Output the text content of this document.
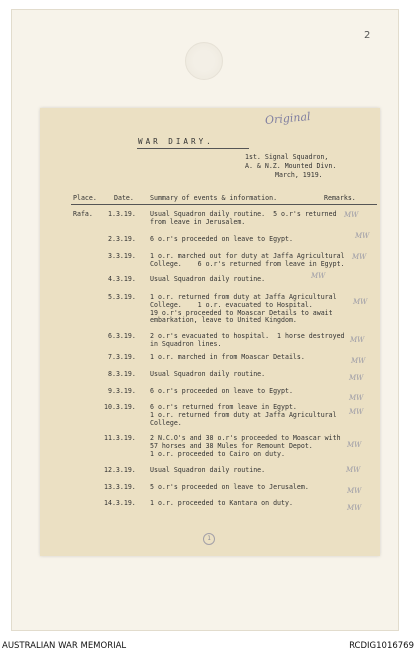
2
Original
WAR DIARY.
1st. Signal Squadron,
A. & N.Z. Mounted Divn.
March, 1919.
Place.	Date. Summary of events & information.	Remarks.
Rafa. 1.3.19. Usual Squadron daily routine.  5 o.r's returned
from leave in Jerusalem.
MW
2.3.19. 6 o.r's proceeded on leave to Egypt.	MW
3.3.19. 1 o.r. marched out for duty at Jaffa Agricultural
College.    6 o.r's returned from leave in Egypt.
MW
4.3.19. Usual Squadron daily routine.	MW
5.3.19. 1 o.r. returned from duty at Jaffa Agricultural
College.    1 o.r. evacuated to Hospital.
19 o.r's proceeded to Moascar Details to await
embarkation, leave to United Kingdom.
MW
6.3.19. 2 o.r's evacuated to hospital.  1 horse destroyed
in Squadron lines.	MW
7.3.19. 1 o.r. marched in from Moascar Details.	MW
8.3.19. Usual Squadron daily routine.	MW
9.3.19. 6 o.r's proceeded on leave to Egypt.
MW
10.3.19. 6 o.r's returned from leave in Egypt.
1 o.r. returned from duty at Jaffa Agricultural
College.
MW
11.3.19. 2 N.C.O's and 38 o.r's proceeded to Moascar with
57 horses and 38 Mules for Remount Depot.
1 o.r. proceeded to Cairo on duty.
MW
12.3.19. Usual Squadron daily routine.	MW
13.3.19. 5 o.r's proceeded on leave to Jerusalem.	MW
14.3.19. 1 o.r. proceeded to Kantara on duty.
MW
1
AUSTRALIAN WAR MEMORIAL	RCDIG1016769
